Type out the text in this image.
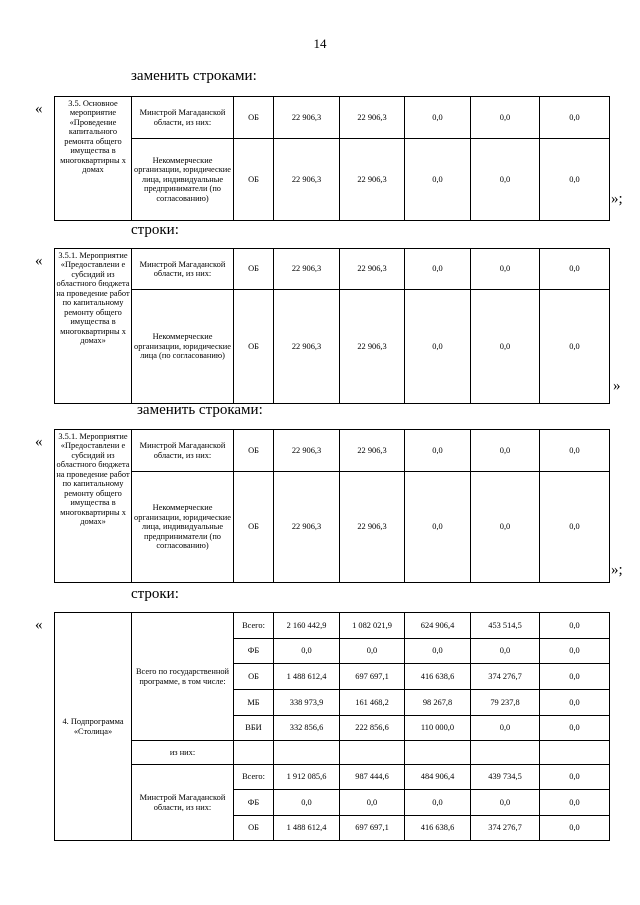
14
заменить строками:
«	3.5. Основное мероприятие «Проведение капитального ремонта общего имущества в многоквартирны х домах	Минстрой Магаданской области, из них:	ОБ	22 906,3	22 906,3	0,0	0,0	0,0
	Некоммерческие организации, юридические лица, индивидуальные предприниматели (по согласованию)	ОБ	22 906,3	22 906,3	0,0	0,0	0,0
»;
строки:
« 3.5.1. Мероприятие «Предоставлени е субсидий из областного бюджета на проведение работ по капитальному ремонту общего имущества в многоквартирны х домах»	Минстрой Магаданской области, из них:	ОБ	22 906,3	22 906,3	0,0	0,0	0,0
	Некоммерческие организации, юридические лица (по согласованию)	ОБ	22 906,3	22 906,3	0,0	0,0	0,0
»
заменить строками:
« 3.5.1. Мероприятие «Предоставлени е субсидий из областного бюджета на проведение работ по капитальному ремонту общего имущества в многоквартирны х домах»	Минстрой Магаданской области, из них:	ОБ	22 906,3	22 906,3	0,0	0,0	0,0
	Некоммерческие организации, юридические лица, индивидуальные предприниматели (по согласованию)	ОБ	22 906,3	22 906,3	0,0	0,0	0,0
»;
строки:
«
4. Подпрограмма «Столица»	Всего по государственной программе, в том числе:	Всего:	2 160 442,9	1 082 021,9	624 906,4	453 514,5	0,0
		ФБ	0,0	0,0	0,0	0,0	0,0
		ОБ	1 488 612,4	697 697,1	416 638,6	374 276,7	0,0
		МБ	338 973,9	161 468,2	98 267,8	79 237,8	0,0
		ВБИ	332 856,6	222 856,6	110 000,0	0,0	0,0
	из них:						
	Минстрой Магаданской области, из них:	Всего:	1 912 085,6	987 444,6	484 906,4	439 734,5	0,0
		ФБ	0,0	0,0	0,0	0,0	0,0
		ОБ	1 488 612,4	697 697,1	416 638,6	374 276,7	0,0
